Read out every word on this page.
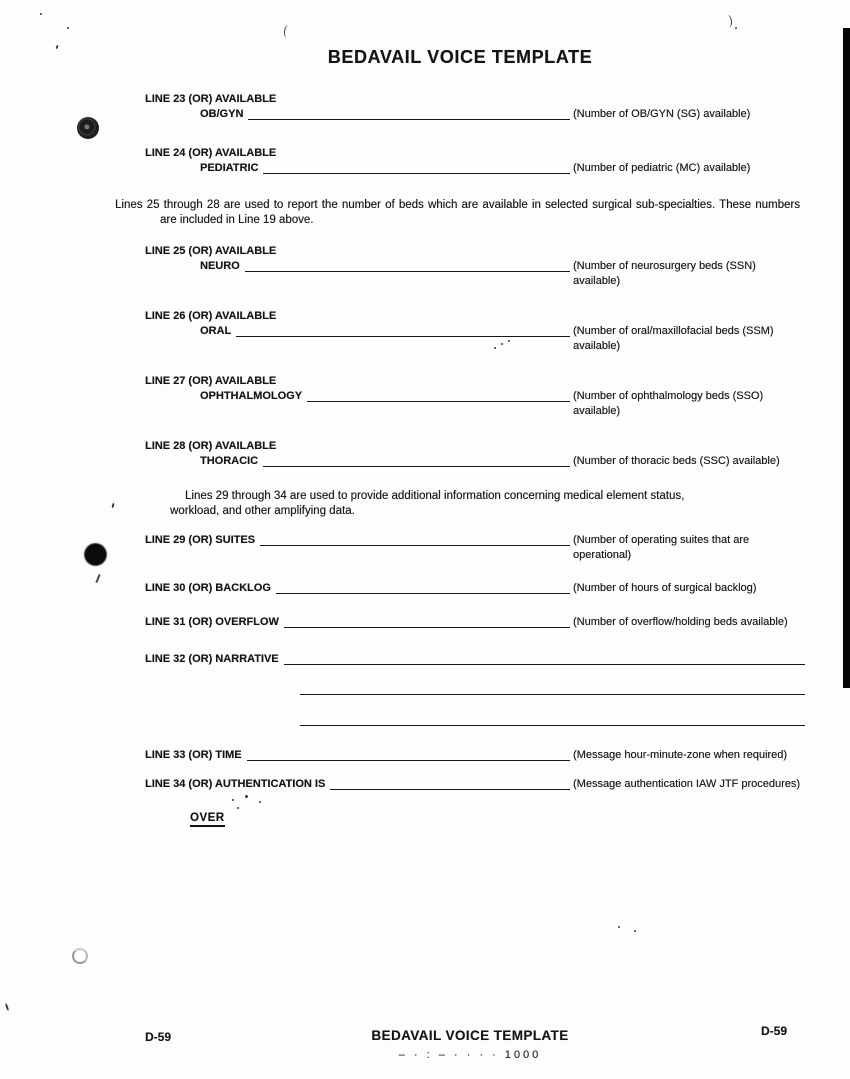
BEDAVAIL VOICE TEMPLATE
LINE 23 (OR) AVAILABLE
OB/GYN	(Number of OB/GYN (SG) available)
LINE 24 (OR) AVAILABLE
PEDIATRIC	(Number of pediatric (MC) available)

Lines 25 through 28 are used to report the number of beds which are available in selected surgical sub-specialties. These numbers are included in Line 19 above.

LINE 25 (OR) AVAILABLE
NEURO	(Number of neurosurgery beds (SSN) available)
LINE 26 (OR) AVAILABLE
ORAL	(Number of oral/maxillofacial beds (SSM) available)
LINE 27 (OR) AVAILABLE
OPHTHALMOLOGY	(Number of ophthalmology beds (SSO) available)
LINE 28 (OR) AVAILABLE
THORACIC	(Number of thoracic beds (SSC) available)

Lines 29 through 34 are used to provide additional information concerning medical element status, workload, and other amplifying data.

LINE 29 (OR) SUITES	(Number of operating suites that are operational)
LINE 30 (OR) BACKLOG	(Number of hours of surgical backlog)
LINE 31 (OR) OVERFLOW	(Number of overflow/holding beds available)
LINE 32 (OR) NARRATIVE
LINE 33 (OR) TIME	(Message hour-minute-zone when required)
LINE 34 (OR) AUTHENTICATION IS	(Message authentication IAW JTF procedures)
OVER
D-59	BEDAVAIL VOICE TEMPLATE	D-59
– · : – · · · · 1000
